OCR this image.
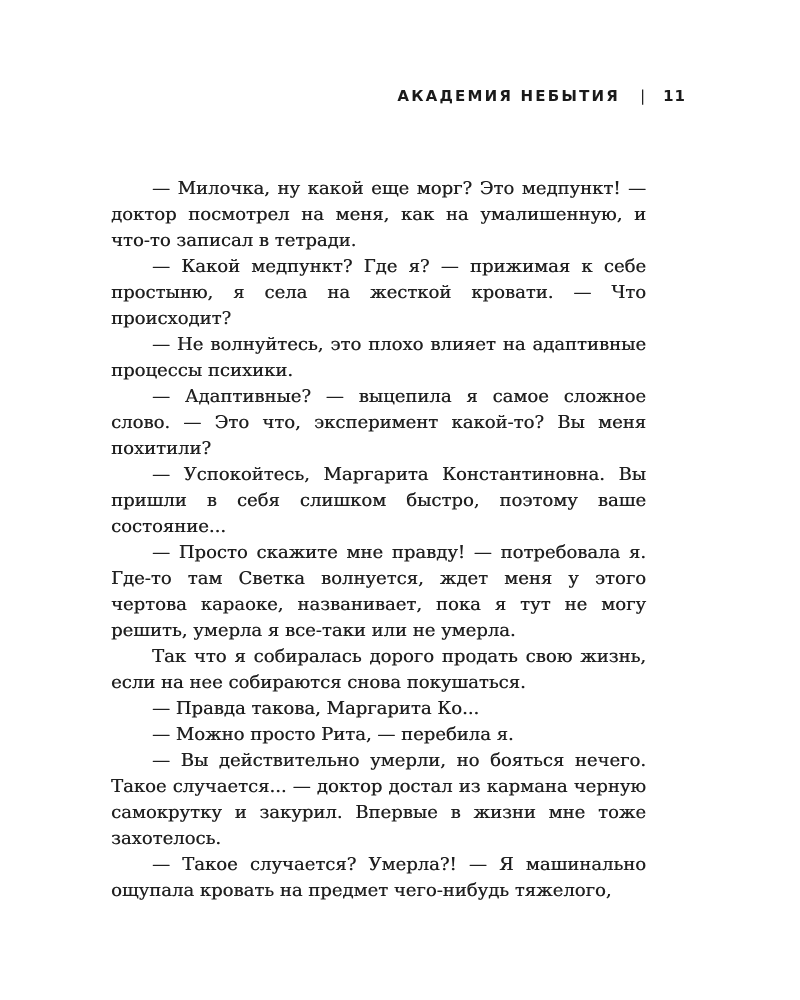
АКАДЕМИЯ НЕБЫТИЯ | 11

— Милочка, ну какой еще морг? Это медпункт! — доктор посмотрел на меня, как на умалишенную, и что-то записал в тетради.

— Какой медпункт? Где я? — прижимая к себе простыню, я села на жесткой кровати. — Что происходит?

— Не волнуйтесь, это плохо влияет на адаптивные процессы психики.

— Адаптивные? — выцепила я самое сложное слово. — Это что, эксперимент какой-то? Вы меня похитили?

— Успокойтесь, Маргарита Константиновна. Вы пришли в себя слишком быстро, поэтому ваше состояние...

— Просто скажите мне правду! — потребовала я. Где-то там Светка волнуется, ждет меня у этого чертова караоке, названивает, пока я тут не могу решить, умерла я все-таки или не умерла.

Так что я собиралась дорого продать свою жизнь, если на нее собираются снова покушаться.

— Правда такова, Маргарита Ко...

— Можно просто Рита, — перебила я.

— Вы действительно умерли, но бояться нечего. Такое случается... — доктор достал из кармана черную самокрутку и закурил. Впервые в жизни мне тоже захотелось.

— Такое случается? Умерла?! — Я машинально ощупала кровать на предмет чего-нибудь тяжелого,
